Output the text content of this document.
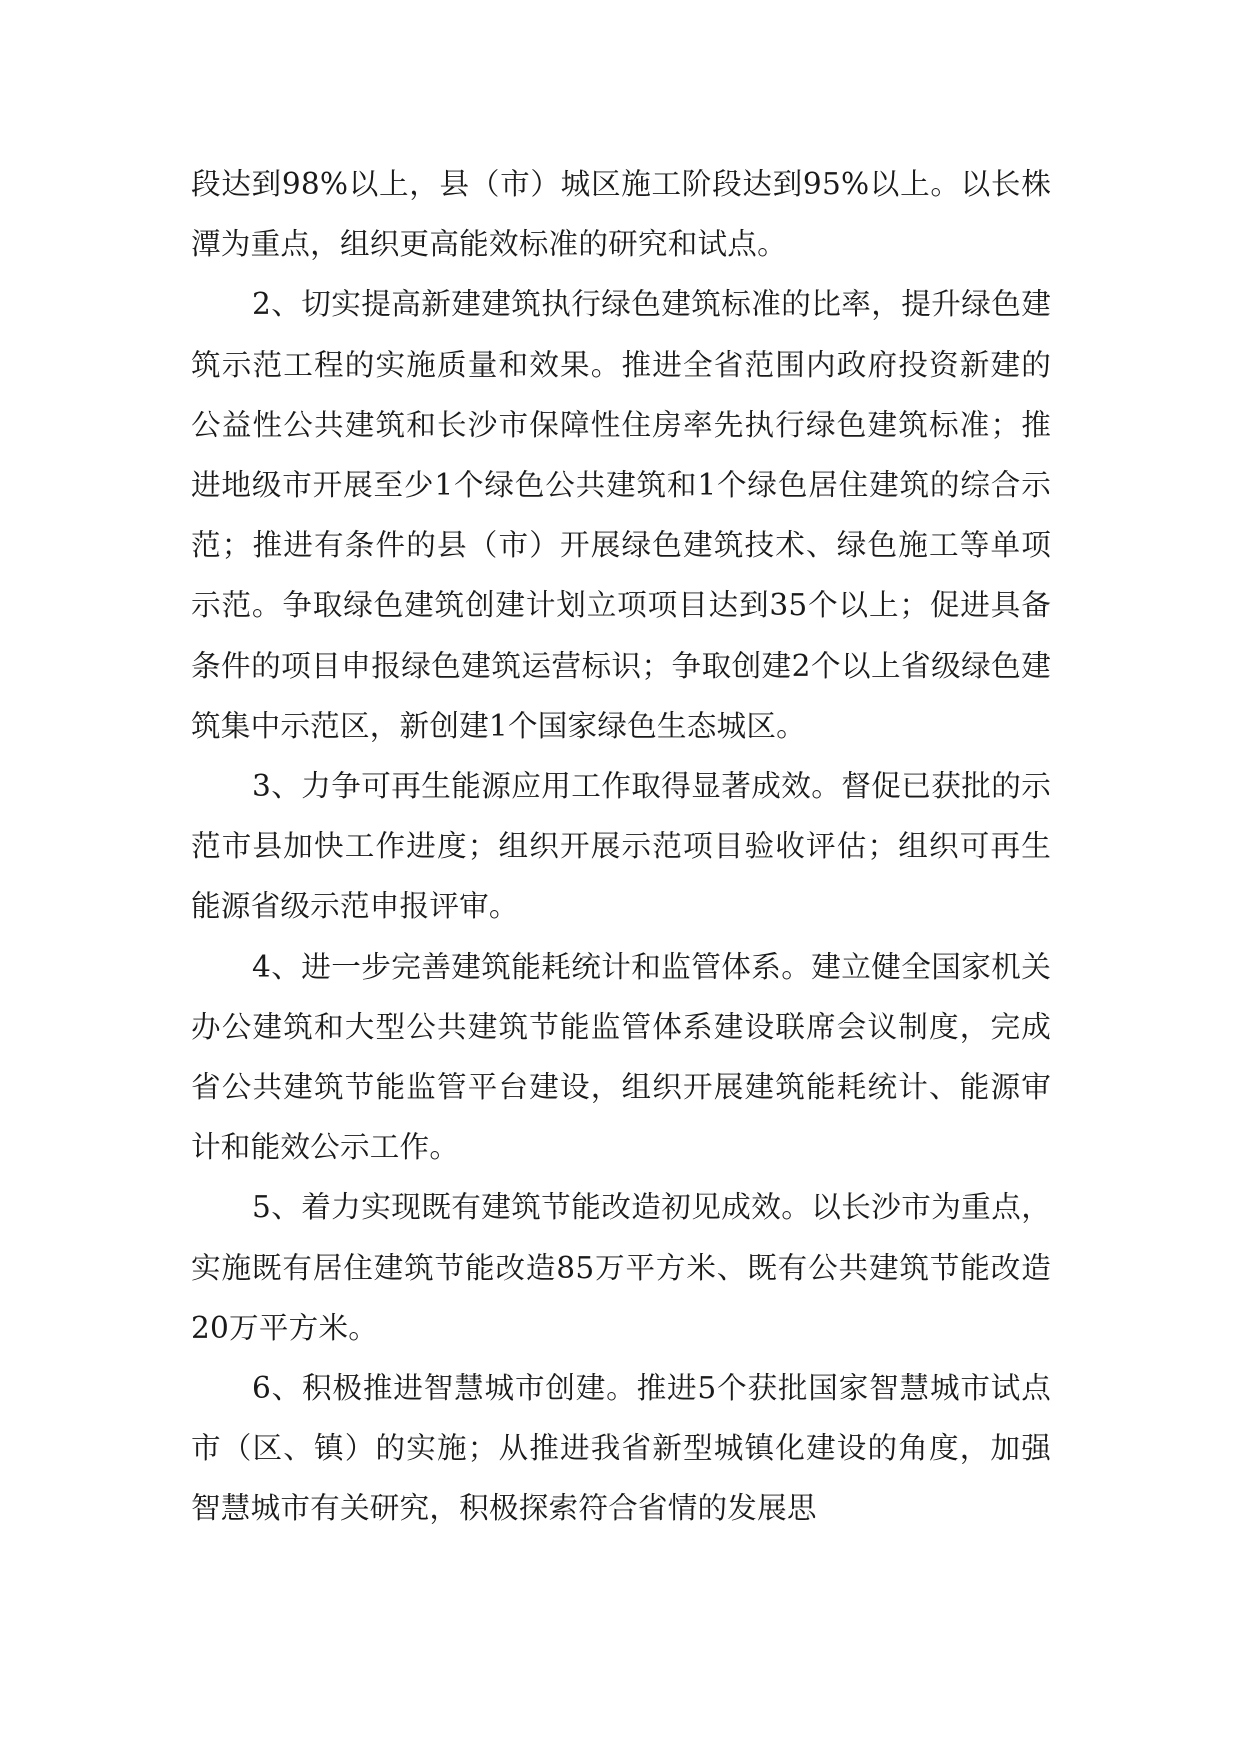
段达到98%以上，县（市）城区施工阶段达到95%以上。以长株潭为重点，组织更高能效标准的研究和试点。

2、切实提高新建建筑执行绿色建筑标准的比率，提升绿色建筑示范工程的实施质量和效果。推进全省范围内政府投资新建的公益性公共建筑和长沙市保障性住房率先执行绿色建筑标准；推进地级市开展至少1个绿色公共建筑和1个绿色居住建筑的综合示范；推进有条件的县（市）开展绿色建筑技术、绿色施工等单项示范。争取绿色建筑创建计划立项项目达到35个以上；促进具备条件的项目申报绿色建筑运营标识；争取创建2个以上省级绿色建筑集中示范区，新创建1个国家绿色生态城区。

3、力争可再生能源应用工作取得显著成效。督促已获批的示范市县加快工作进度；组织开展示范项目验收评估；组织可再生能源省级示范申报评审。

4、进一步完善建筑能耗统计和监管体系。建立健全国家机关办公建筑和大型公共建筑节能监管体系建设联席会议制度，完成省公共建筑节能监管平台建设，组织开展建筑能耗统计、能源审计和能效公示工作。

5、着力实现既有建筑节能改造初见成效。以长沙市为重点，实施既有居住建筑节能改造85万平方米、既有公共建筑节能改造20万平方米。

6、积极推进智慧城市创建。推进5个获批国家智慧城市试点市（区、镇）的实施；从推进我省新型城镇化建设的角度，加强智慧城市有关研究，积极探索符合省情的发展思
